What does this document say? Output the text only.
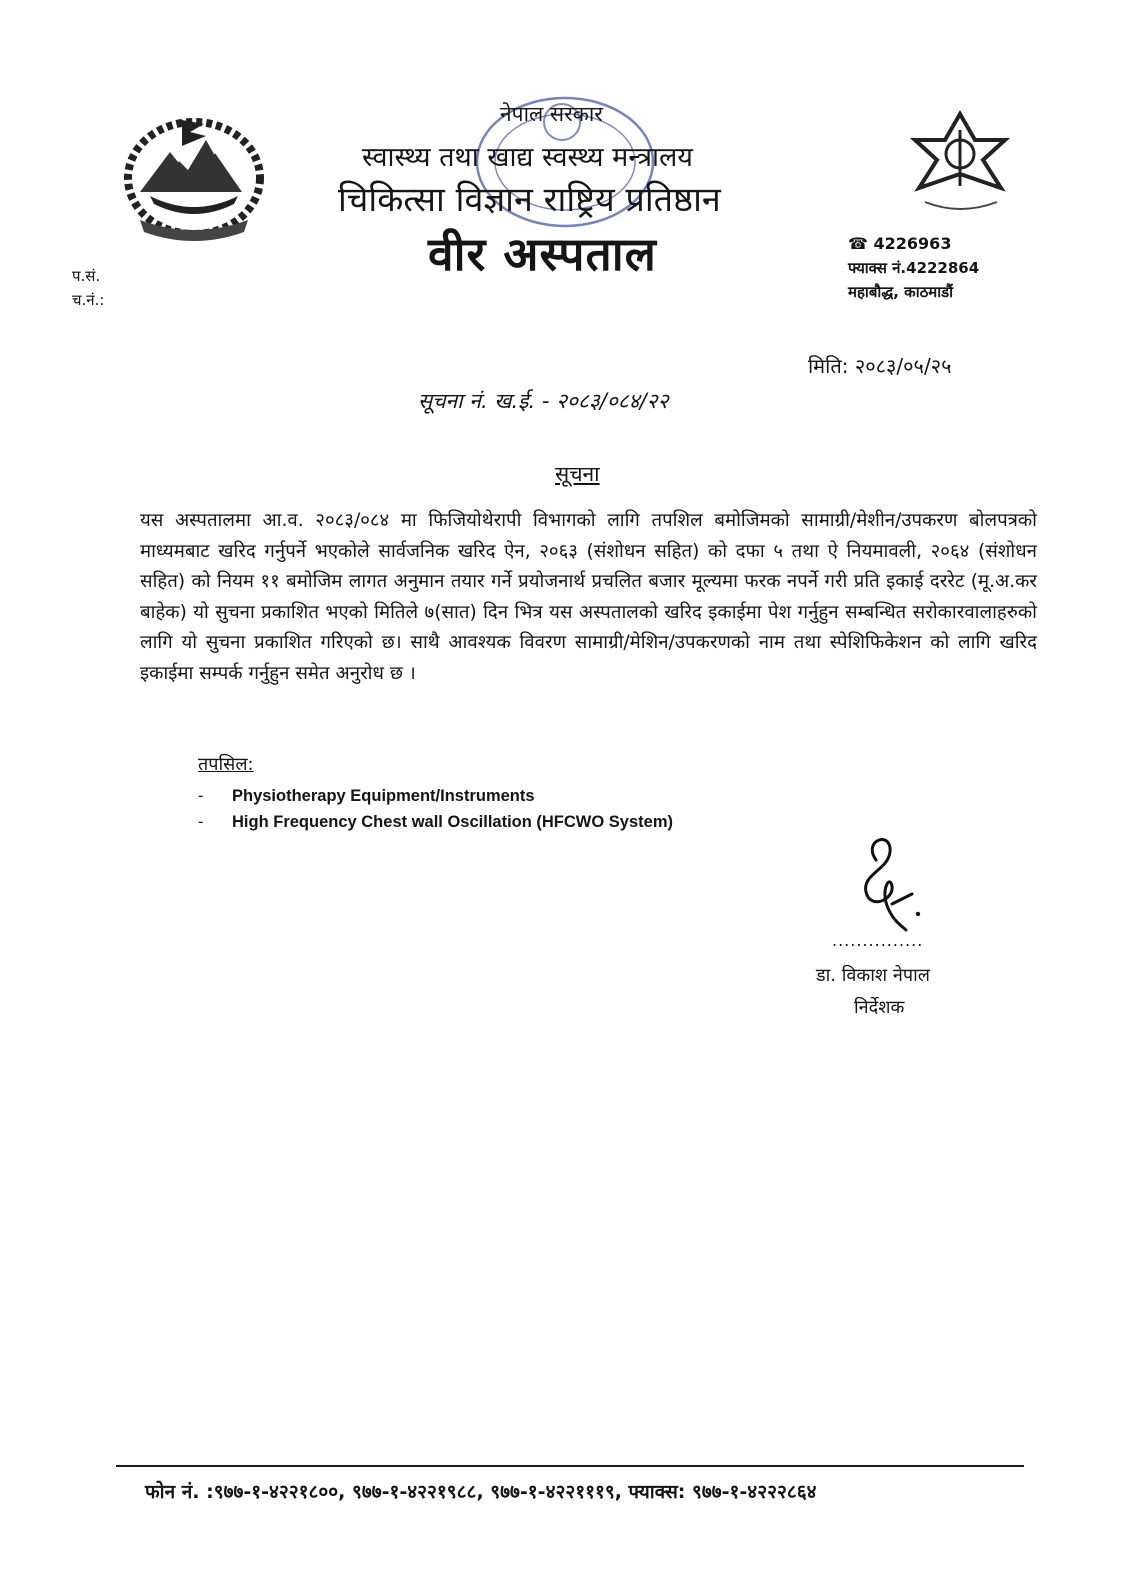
नेपाल सरकार
स्वास्थ्य तथा खाद्य स्वस्थ्य मन्त्रालय
चिकित्सा विज्ञान राष्ट्रिय प्रतिष्ठान
वीर अस्पताल	☎ 4226963
फ्याक्स नं.4222864
महाबौद्ध, काठमाडौं
प.सं.
च.नं.:
मिति: २०८३/०५/२५
सूचना नं. ख.ई. - २०८३/०८४/२२
सूचना
यस अस्पतालमा आ.व. २०८३/०८४ मा फिजियोथेरापी विभागको लागि तपशिल बमोजिमको सामाग्री/मेशीन/उपकरण बोलपत्रको माध्यमबाट खरिद गर्नुपर्ने भएकोले सार्वजनिक खरिद ऐन, २०६३ (संशोधन सहित) को दफा ५ तथा ऐ नियमावली, २०६४ (संशोधन सहित) को नियम ११ बमोजिम लागत अनुमान तयार गर्ने प्रयोजनार्थ प्रचलित बजार मूल्यमा फरक नपर्ने गरी प्रति इकाई दररेट (मू.अ.कर बाहेक) यो सुचना प्रकाशित भएको मितिले ७(सात) दिन भित्र यस अस्पतालको खरिद इकाईमा पेश गर्नुहुन सम्बन्धित सरोकारवालाहरुको लागि यो सुचना प्रकाशित गरिएको छ। साथै आवश्यक विवरण सामाग्री/मेशिन/उपकरणको नाम तथा स्पेशिफिकेशन को लागि खरिद इकाईमा सम्पर्क गर्नुहुन समेत अनुरोध छ ।
तपसिल:
-	Physiotherapy Equipment/Instruments
-	High Frequency Chest wall Oscillation (HFCWO System)
...............
डा. विकाश नेपाल
निर्देशक
फोन नं. :९७७-१-४२२१८००, ९७७-१-४२२१९८८, ९७७-१-४२२१११९, फ्याक्स: ९७७-१-४२२२८६४
